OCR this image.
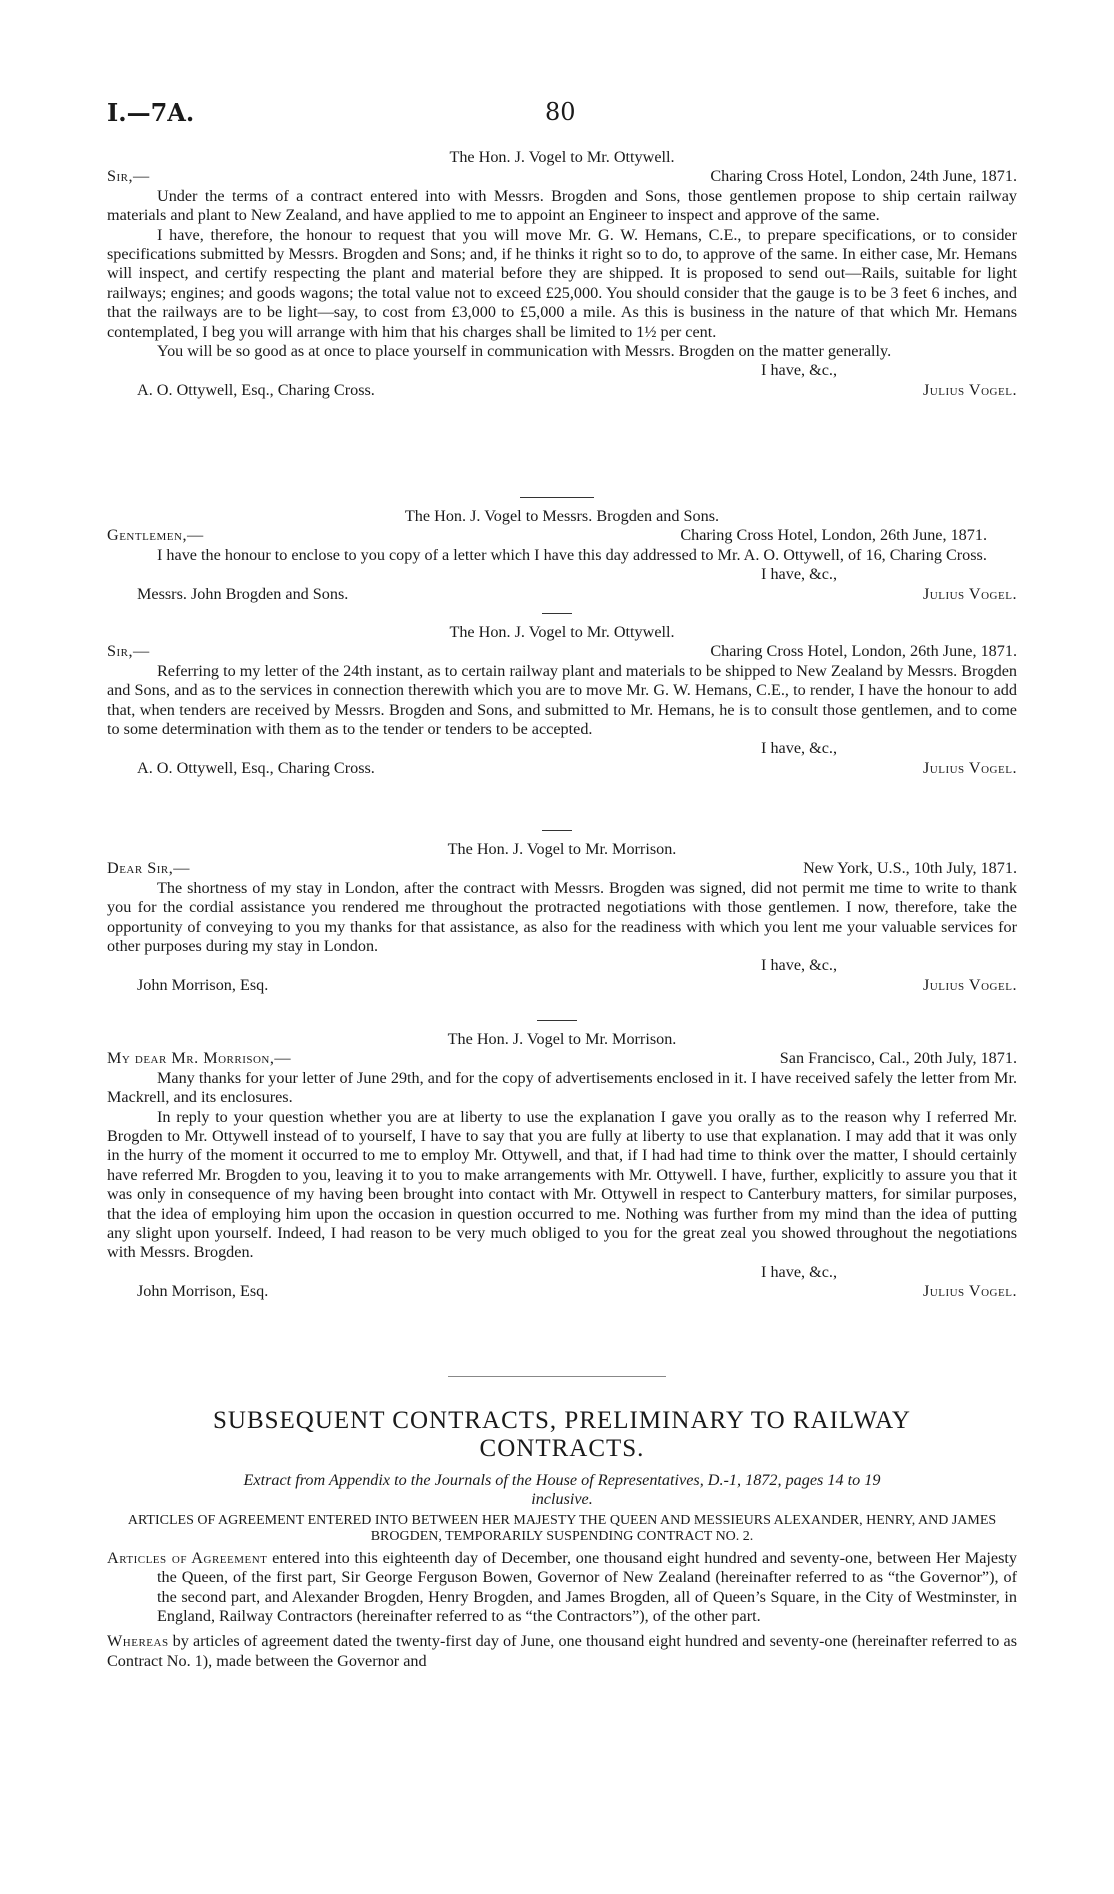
I.—7A.	80
The Hon. J. Vogel to Mr. Ottywell.
Sir,—	Charing Cross Hotel, London, 24th June, 1871.
Under the terms of a contract entered into with Messrs. Brogden and Sons, those gentlemen propose to ship certain railway materials and plant to New Zealand, and have applied to me to appoint an Engineer to inspect and approve of the same.
I have, therefore, the honour to request that you will move Mr. G. W. Hemans, C.E., to prepare specifications, or to consider specifications submitted by Messrs. Brogden and Sons; and, if he thinks it right so to do, to approve of the same. In either case, Mr. Hemans will inspect, and certify respecting the plant and material before they are shipped. It is proposed to send out—Rails, suitable for light railways; engines; and goods wagons; the total value not to exceed £25,000. You should consider that the gauge is to be 3 feet 6 inches, and that the railways are to be light—say, to cost from £3,000 to £5,000 a mile. As this is business in the nature of that which Mr. Hemans contemplated, I beg you will arrange with him that his charges shall be limited to 1½ per cent.
You will be so good as at once to place yourself in communication with Messrs. Brogden on the matter generally.
I have, &c.,
A. O. Ottywell, Esq., Charing Cross.	Julius Vogel.
The Hon. J. Vogel to Messrs. Brogden and Sons.
Gentlemen,—	Charing Cross Hotel, London, 26th June, 1871.
I have the honour to enclose to you copy of a letter which I have this day addressed to Mr. A. O. Ottywell, of 16, Charing Cross.
I have, &c.,
Messrs. John Brogden and Sons.	Julius Vogel.
The Hon. J. Vogel to Mr. Ottywell.
Sir,—	Charing Cross Hotel, London, 26th June, 1871.
Referring to my letter of the 24th instant, as to certain railway plant and materials to be shipped to New Zealand by Messrs. Brogden and Sons, and as to the services in connection therewith which you are to move Mr. G. W. Hemans, C.E., to render, I have the honour to add that, when tenders are received by Messrs. Brogden and Sons, and submitted to Mr. Hemans, he is to consult those gentlemen, and to come to some determination with them as to the tender or tenders to be accepted.
I have, &c.,
A. O. Ottywell, Esq., Charing Cross.	Julius Vogel.
The Hon. J. Vogel to Mr. Morrison.
Dear Sir,—	New York, U.S., 10th July, 1871.
The shortness of my stay in London, after the contract with Messrs. Brogden was signed, did not permit me time to write to thank you for the cordial assistance you rendered me throughout the protracted negotiations with those gentlemen. I now, therefore, take the opportunity of conveying to you my thanks for that assistance, as also for the readiness with which you lent me your valuable services for other purposes during my stay in London.
I have, &c.,
John Morrison, Esq.	Julius Vogel.
The Hon. J. Vogel to Mr. Morrison.
My dear Mr. Morrison,—	San Francisco, Cal., 20th July, 1871.
Many thanks for your letter of June 29th, and for the copy of advertisements enclosed in it. I have received safely the letter from Mr. Mackrell, and its enclosures.
In reply to your question whether you are at liberty to use the explanation I gave you orally as to the reason why I referred Mr. Brogden to Mr. Ottywell instead of to yourself, I have to say that you are fully at liberty to use that explanation. I may add that it was only in the hurry of the moment it occurred to me to employ Mr. Ottywell, and that, if I had had time to think over the matter, I should certainly have referred Mr. Brogden to you, leaving it to you to make arrangements with Mr. Ottywell. I have, further, explicitly to assure you that it was only in consequence of my having been brought into contact with Mr. Ottywell in respect to Canterbury matters, for similar purposes, that the idea of employing him upon the occasion in question occurred to me. Nothing was further from my mind than the idea of putting any slight upon yourself. Indeed, I had reason to be very much obliged to you for the great zeal you showed throughout the negotiations with Messrs. Brogden.
I have, &c.,
John Morrison, Esq.	Julius Vogel.
SUBSEQUENT CONTRACTS, PRELIMINARY TO RAILWAY
CONTRACTS.
Extract from Appendix to the Journals of the House of Representatives, D.-1, 1872, pages 14 to 19
inclusive.
ARTICLES OF AGREEMENT ENTERED INTO BETWEEN HER MAJESTY THE QUEEN AND MESSIEURS ALEXANDER, HENRY, AND JAMES BROGDEN, TEMPORARILY SUSPENDING CONTRACT NO. 2.
Articles of Agreement entered into this eighteenth day of December, one thousand eight hundred and seventy-one, between Her Majesty the Queen, of the first part, Sir George Ferguson Bowen, Governor of New Zealand (hereinafter referred to as “the Governor”), of the second part, and Alexander Brogden, Henry Brogden, and James Brogden, all of Queen’s Square, in the City of Westminster, in England, Railway Contractors (hereinafter referred to as “the Contractors”), of the other part.
Whereas by articles of agreement dated the twenty-first day of June, one thousand eight hundred and seventy-one (hereinafter referred to as Contract No. 1), made between the Governor and
